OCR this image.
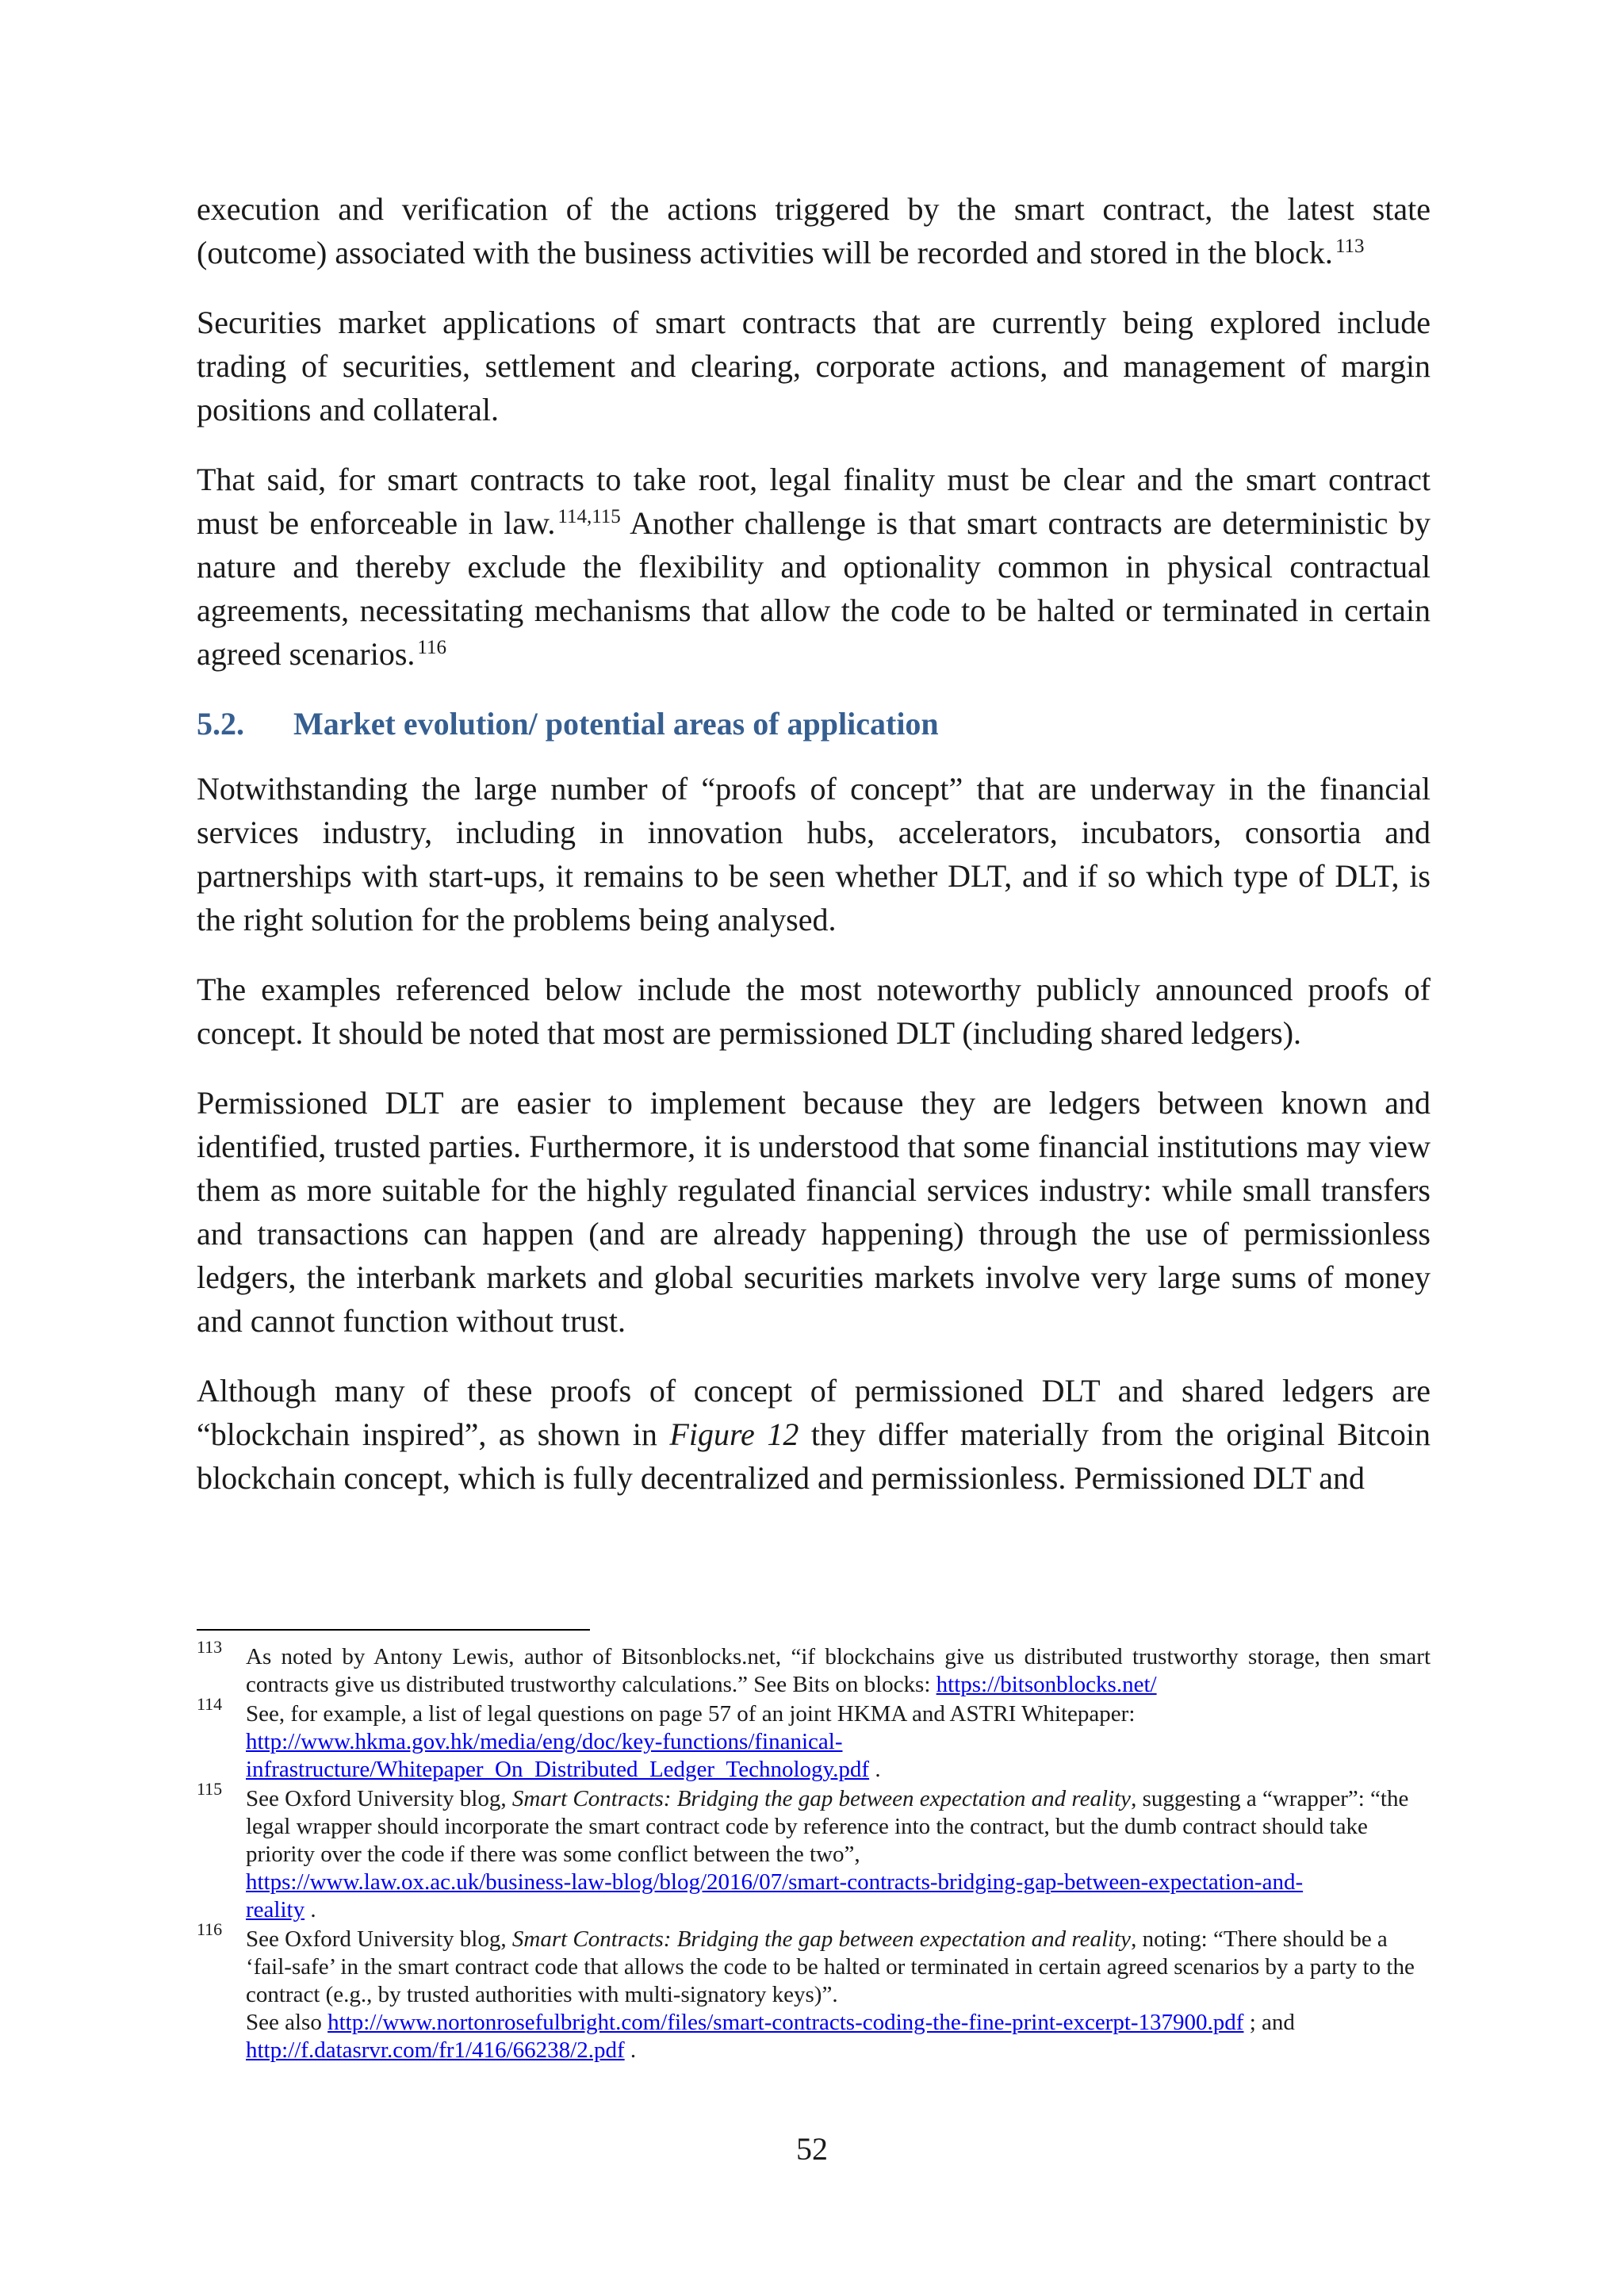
execution and verification of the actions triggered by the smart contract, the latest state (outcome) associated with the business activities will be recorded and stored in the block. $^{113}$

Securities market applications of smart contracts that are currently being explored include trading of securities, settlement and clearing, corporate actions, and management of margin positions and collateral.

That said, for smart contracts to take root, legal finality must be clear and the smart contract must be enforceable in law. $^{114,115}$ Another challenge is that smart contracts are deterministic by nature and thereby exclude the flexibility and optionality common in physical contractual agreements, necessitating mechanisms that allow the code to be halted or terminated in certain agreed scenarios. $^{116}$

5.2. Market evolution/ potential areas of application

Notwithstanding the large number of “proofs of concept” that are underway in the financial services industry, including in innovation hubs, accelerators, incubators, consortia and partnerships with start-ups, it remains to be seen whether DLT, and if so which type of DLT, is the right solution for the problems being analysed.

The examples referenced below include the most noteworthy publicly announced proofs of concept. It should be noted that most are permissioned DLT (including shared ledgers).

Permissioned DLT are easier to implement because they are ledgers between known and identified, trusted parties. Furthermore, it is understood that some financial institutions may view them as more suitable for the highly regulated financial services industry: while small transfers and transactions can happen (and are already happening) through the use of permissionless ledgers, the interbank markets and global securities markets involve very large sums of money and cannot function without trust.

Although many of these proofs of concept of permissioned DLT and shared ledgers are “blockchain inspired”, as shown in Figure 12 they differ materially from the original Bitcoin blockchain concept, which is fully decentralized and permissionless. Permissioned DLT and

113 As noted by Antony Lewis, author of Bitsonblocks.net, “if blockchains give us distributed trustworthy storage, then smart contracts give us distributed trustworthy calculations.” See Bits on blocks: https://bitsonblocks.net/
114 See, for example, a list of legal questions on page 57 of an joint HKMA and ASTRI Whitepaper:
http://www.hkma.gov.hk/media/eng/doc/key-functions/finanical-
infrastructure/Whitepaper_On_Distributed_Ledger_Technology.pdf .
115 See Oxford University blog, Smart Contracts: Bridging the gap between expectation and reality, suggesting a “wrapper”: “the legal wrapper should incorporate the smart contract code by reference into the contract, but the dumb contract should take priority over the code if there was some conflict between the two”,
https://www.law.ox.ac.uk/business-law-blog/blog/2016/07/smart-contracts-bridging-gap-between-expectation-and-
reality .
116 See Oxford University blog, Smart Contracts: Bridging the gap between expectation and reality, noting: “There should be a ‘fail-safe’ in the smart contract code that allows the code to be halted or terminated in certain agreed scenarios by a party to the contract (e.g., by trusted authorities with multi-signatory keys)”.
See also http://www.nortonrosefulbright.com/files/smart-contracts-coding-the-fine-print-excerpt-137900.pdf ; and
http://f.datasrvr.com/fr1/416/66238/2.pdf .
52
